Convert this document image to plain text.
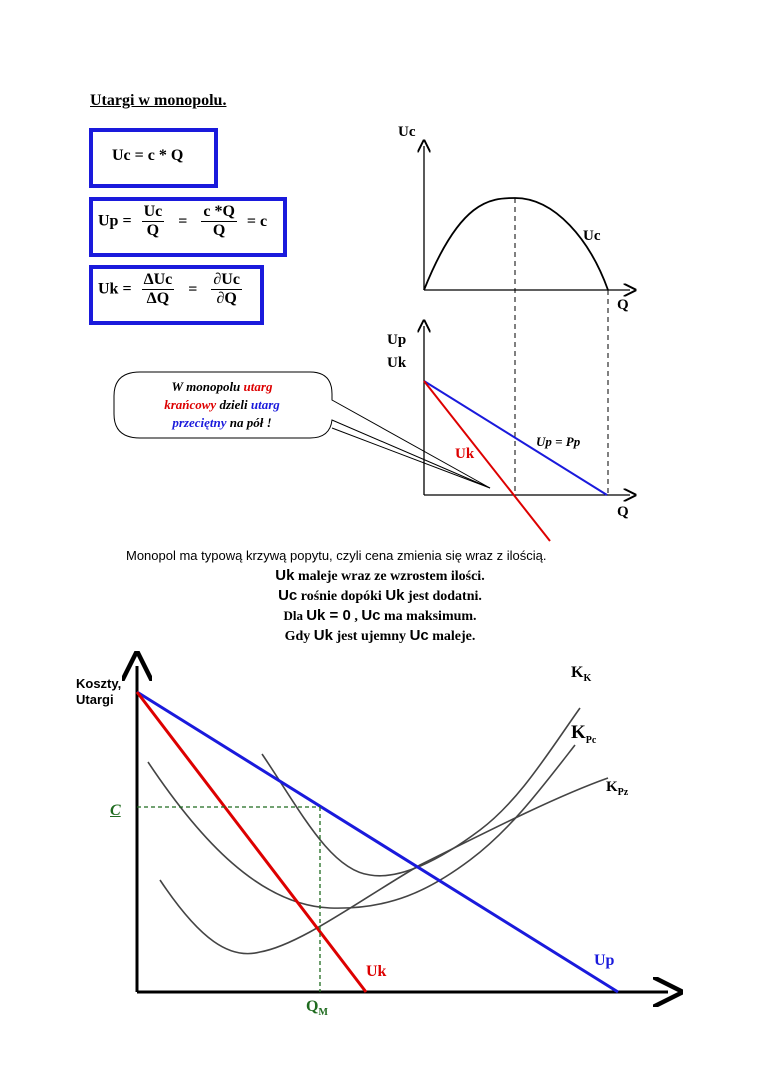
Utargi w monopolu.
Uc = c * Q
$Up = \frac{Uc}{Q} = \frac{c *Q}{Q} = c$
Uk =
ΔUc
ΔQ
= $\frac{\partial Uc}{\partial Q}$
W monopolu utarg
krańcowy dzieli utarg
przeciętny na pół !
Uc
Uc
Q
Up
Uk
Uk
Up = Pp
Q
Monopol ma typową krzywą popytu, czyli cena zmienia się wraz z ilością.
Uk maleje wraz ze wzrostem ilości.
Uc rośnie dopóki Uk jest dodatni.
Dla Uk = 0 , Uc ma maksimum.
Gdy Uk jest ujemny Uc maleje.
Koszty,
Utargi
C
$Q_M$
Uk
Up
$K_K$
$K_{Pc}$
$K_{Pz}$
